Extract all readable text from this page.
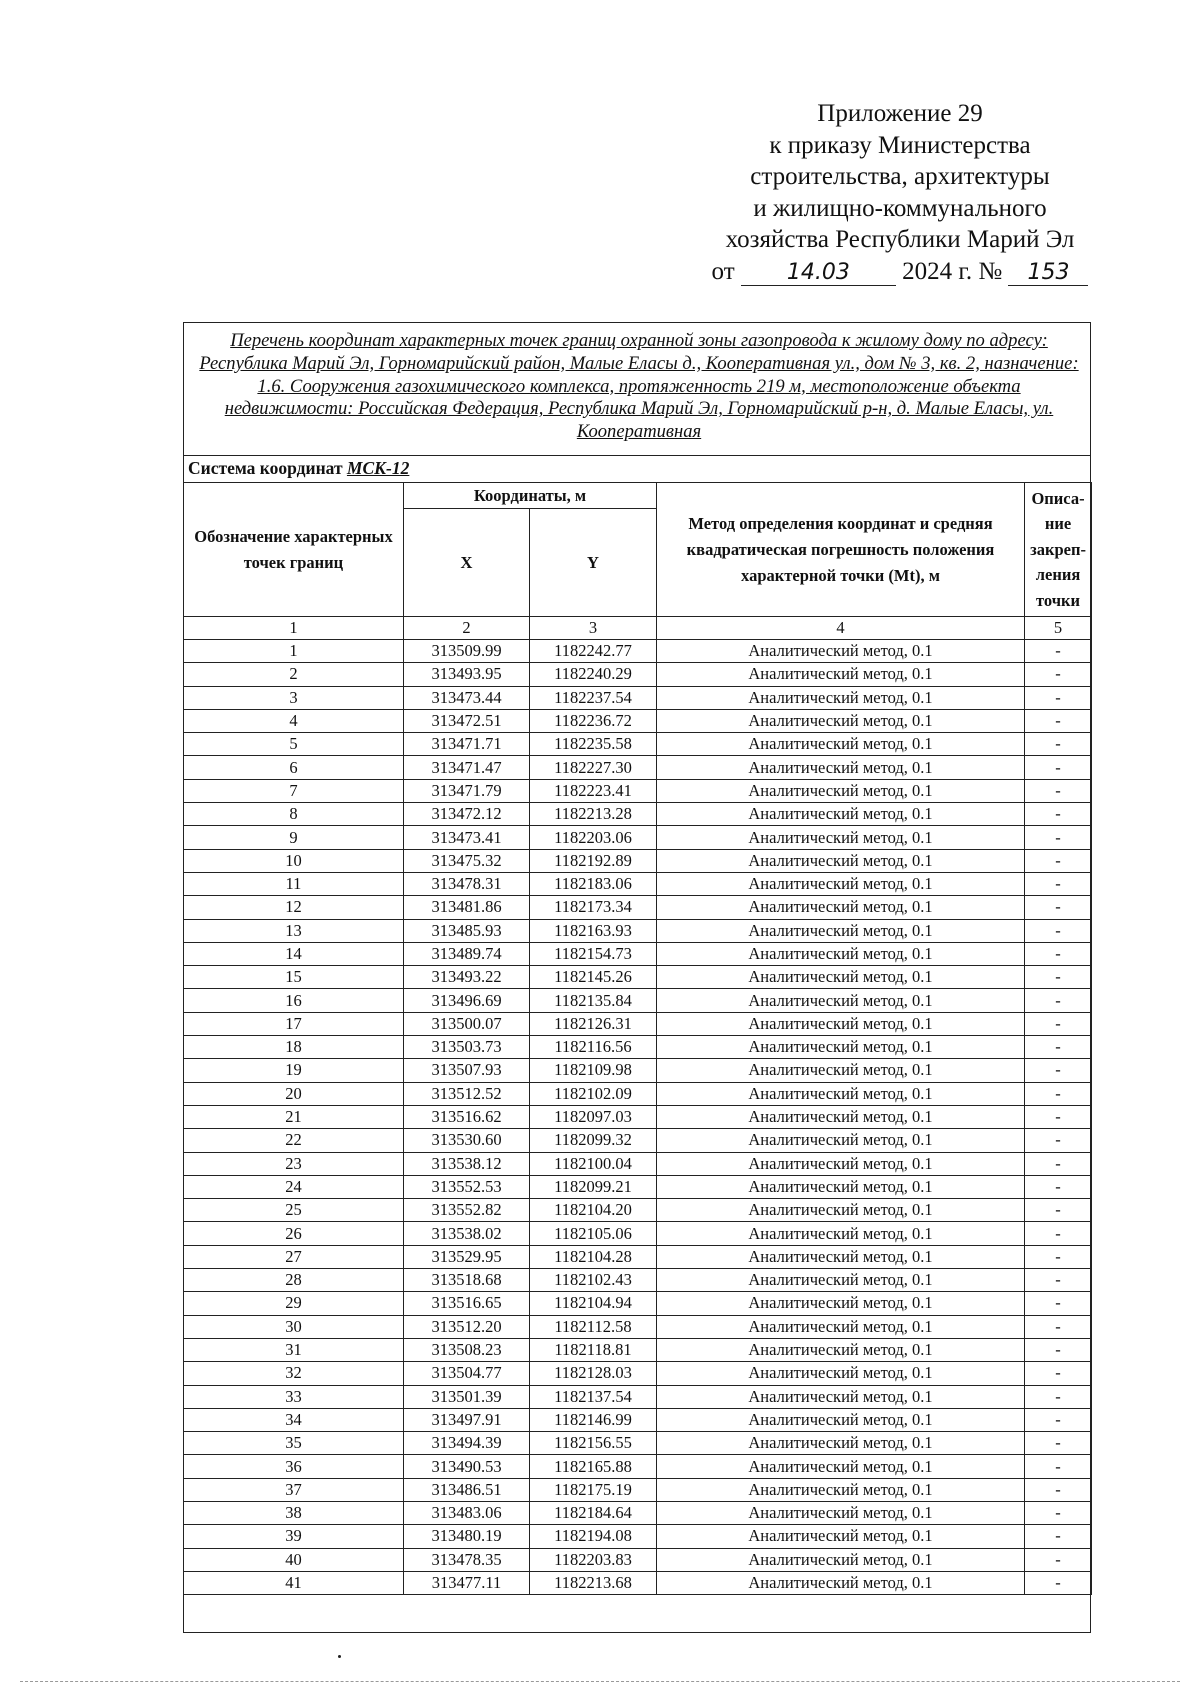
Приложение 29
к приказу Министерства
строительства, архитектуры
и жилищно-коммунального
хозяйства Республики Марий Эл
от 14.03 2024 г. № 153
Перечень координат характерных точек границ охранной зоны газопровода к жилому дому по адресу: Республика Марий Эл, Горномарийский район, Малые Еласы д., Кооперативная ул., дом № 3, кв. 2, назначение: 1.6. Сооружения газохимического комплекса, протяженность 219 м, местоположение объекта недвижимости: Российская Федерация, Республика Марий Эл, Горномарийский р-н, д. Малые Еласы, ул. Кооперативная
Система координат МСК-12
Обозначение характерных точек границ	Координаты, м		Метод определения координат и средняя квадратическая погрешность положения характерной точки (Mt), м	Описа- ние закреп- ления точки
	X	Y		
1	2	3	4	5
1	313509.99	1182242.77	Аналитический метод, 0.1	-
2	313493.95	1182240.29	Аналитический метод, 0.1	-
3	313473.44	1182237.54	Аналитический метод, 0.1	-
4	313472.51	1182236.72	Аналитический метод, 0.1	-
5	313471.71	1182235.58	Аналитический метод, 0.1	-
6	313471.47	1182227.30	Аналитический метод, 0.1	-
7	313471.79	1182223.41	Аналитический метод, 0.1	-
8	313472.12	1182213.28	Аналитический метод, 0.1	-
9	313473.41	1182203.06	Аналитический метод, 0.1	-
10	313475.32	1182192.89	Аналитический метод, 0.1	-
11	313478.31	1182183.06	Аналитический метод, 0.1	-
12	313481.86	1182173.34	Аналитический метод, 0.1	-
13	313485.93	1182163.93	Аналитический метод, 0.1	-
14	313489.74	1182154.73	Аналитический метод, 0.1	-
15	313493.22	1182145.26	Аналитический метод, 0.1	-
16	313496.69	1182135.84	Аналитический метод, 0.1	-
17	313500.07	1182126.31	Аналитический метод, 0.1	-
18	313503.73	1182116.56	Аналитический метод, 0.1	-
19	313507.93	1182109.98	Аналитический метод, 0.1	-
20	313512.52	1182102.09	Аналитический метод, 0.1	-
21	313516.62	1182097.03	Аналитический метод, 0.1	-
22	313530.60	1182099.32	Аналитический метод, 0.1	-
23	313538.12	1182100.04	Аналитический метод, 0.1	-
24	313552.53	1182099.21	Аналитический метод, 0.1	-
25	313552.82	1182104.20	Аналитический метод, 0.1	-
26	313538.02	1182105.06	Аналитический метод, 0.1	-
27	313529.95	1182104.28	Аналитический метод, 0.1	-
28	313518.68	1182102.43	Аналитический метод, 0.1	-
29	313516.65	1182104.94	Аналитический метод, 0.1	-
30	313512.20	1182112.58	Аналитический метод, 0.1	-
31	313508.23	1182118.81	Аналитический метод, 0.1	-
32	313504.77	1182128.03	Аналитический метод, 0.1	-
33	313501.39	1182137.54	Аналитический метод, 0.1	-
34	313497.91	1182146.99	Аналитический метод, 0.1	-
35	313494.39	1182156.55	Аналитический метод, 0.1	-
36	313490.53	1182165.88	Аналитический метод, 0.1	-
37	313486.51	1182175.19	Аналитический метод, 0.1	-
38	313483.06	1182184.64	Аналитический метод, 0.1	-
39	313480.19	1182194.08	Аналитический метод, 0.1	-
40	313478.35	1182203.83	Аналитический метод, 0.1	-
41	313477.11	1182213.68	Аналитический метод, 0.1	-
